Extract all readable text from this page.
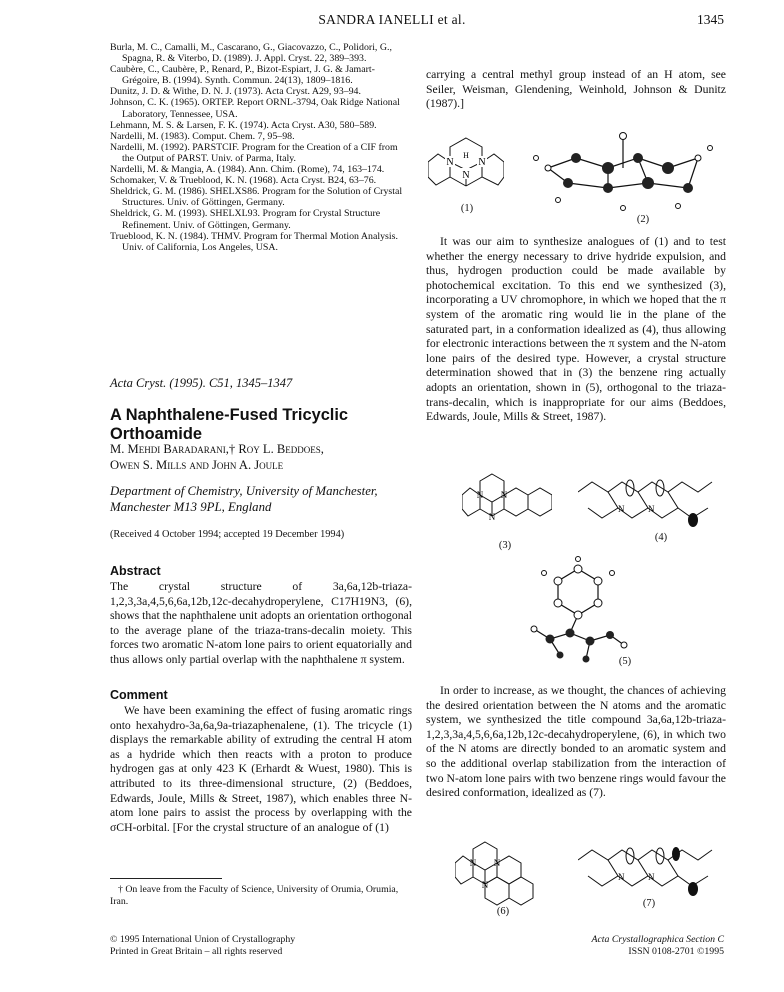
SANDRA IANELLI et al.	1345

Burla, M. C., Camalli, M., Cascarano, G., Giacovazzo, C., Polidori, G., Spagna, R. & Viterbo, D. (1989). J. Appl. Cryst. 22, 389–393.

Caubère, C., Caubère, P., Renard, P., Bizot-Espiart, J. G. & Jamart-Grégoire, B. (1994). Synth. Commun. 24(13), 1809–1816.

Dunitz, J. D. & Withe, D. N. J. (1973). Acta Cryst. A29, 93–94.

Johnson, C. K. (1965). ORTEP. Report ORNL-3794, Oak Ridge National Laboratory, Tennessee, USA.

Lehmann, M. S. & Larsen, F. K. (1974). Acta Cryst. A30, 580–589.

Nardelli, M. (1983). Comput. Chem. 7, 95–98.

Nardelli, M. (1992). PARSTCIF. Program for the Creation of a CIF from the Output of PARST. Univ. of Parma, Italy.

Nardelli, M. & Mangia, A. (1984). Ann. Chim. (Rome), 74, 163–174.

Schomaker, V. & Trueblood, K. N. (1968). Acta Cryst. B24, 63–76.

Sheldrick, G. M. (1986). SHELXS86. Program for the Solution of Crystal Structures. Univ. of Göttingen, Germany.

Sheldrick, G. M. (1993). SHELXL93. Program for Crystal Structure Refinement. Univ. of Göttingen, Germany.

Trueblood, K. N. (1984). THMV. Program for Thermal Motion Analysis. Univ. of California, Los Angeles, USA.

Acta Cryst. (1995). C51, 1345–1347
A Naphthalene-Fused Tricyclic Orthoamide
M. Mehdi Baradarani,† Roy L. Beddoes,
Owen S. Mills and John A. Joule
Department of Chemistry, University of Manchester,
Manchester M13 9PL, England
(Received 4 October 1994; accepted 19 December 1994)

Abstract

The crystal structure of 3a,6a,12b-triaza-1,2,3,3a,4,5,6,6a,12b,12c-decahydroperylene, C17H19N3, (6), shows that the naphthalene unit adopts an orientation orthogonal to the average plane of the triaza-trans-decalin moiety. This forces two aromatic N-atom lone pairs to orient equatorially and thus allows only partial overlap with the naphthalene π system.

Comment

We have been examining the effect of fusing aromatic rings onto hexahydro-3a,6a,9a-triazaphenalene, (1). The tricycle (1) displays the remarkable ability of extruding the central H atom as a hydride which then reacts with a proton to produce hydrogen gas at only 423 K (Erhardt & Wuest, 1980). This is attributed to its three-dimensional structure, (2) (Beddoes, Edwards, Joule, Mills & Street, 1987), which enables three N-atom lone pairs to assist the process by overlapping with the σCH-orbital. [For the crystal structure of an analogue of (1)

† On leave from the Faculty of Science, University of Orumia, Orumia, Iran.
© 1995 International Union of Crystallography
Printed in Great Britain – all rights reserved
Acta Crystallographica Section C
ISSN 0108-2701 ©1995

carrying a central methyl group instead of an H atom, see Seiler, Weisman, Glendening, Weinhold, Johnson & Dunitz (1987).]

N N
N
H
(1)
(2)

It was our aim to synthesize analogues of (1) and to test whether the energy necessary to drive hydride expulsion, and thus, hydrogen production could be made available by photochemical excitation. To this end we synthesized (3), incorporating a UV chromophore, in which we hoped that the π system of the aromatic ring would lie in the plane of the saturated part, in a conformation idealized as (4), thus allowing for electronic interactions between the π system and the N-atom lone pairs of the desired type. However, a crystal structure determination showed that in (3) the benzene ring actually adopts an orientation, shown in (5), orthogonal to the triaza-trans-decalin, which is inappropriate for our aims (Beddoes, Edwards, Joule, Mills & Street, 1987).

N N
N
(3)
N	N
(4)
(5)

In order to increase, as we thought, the chances of achieving the desired orientation between the N atoms and the aromatic system, we synthesized the title compound 3a,6a,12b-triaza-1,2,3,3a,4,5,6,6a,12b,12c-decahydroperylene, (6), in which two of the N atoms are directly bonded to an aromatic system and so the additional overlap stabilization from the interaction of two N-atom lone pairs with two benzene rings would favour the desired conformation, idealized as (7).

N N
N
(6)
N	N
(7)
